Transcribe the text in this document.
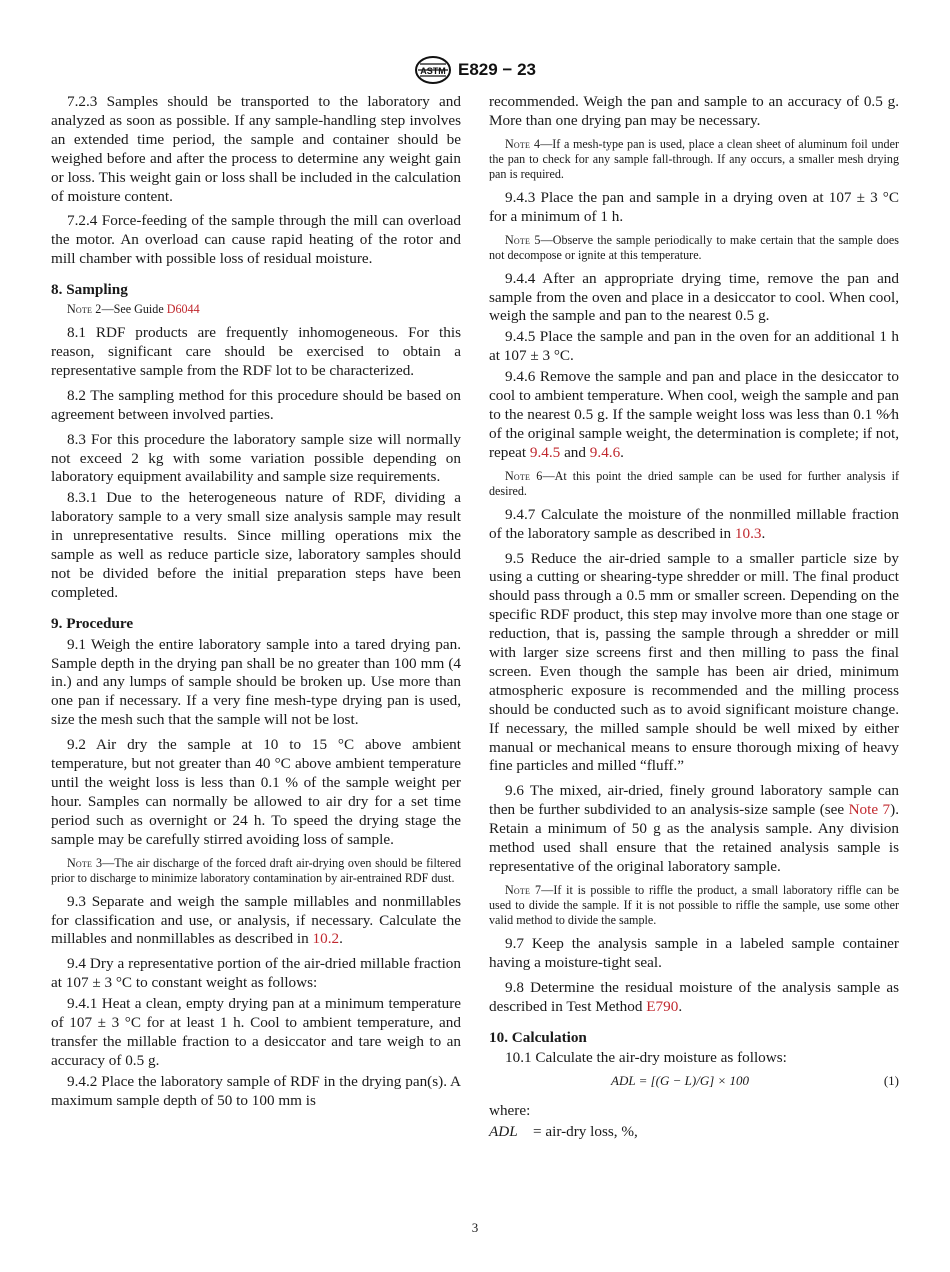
ASTM E829 − 23

7.2.3 Samples should be transported to the laboratory and analyzed as soon as possible. If any sample-handling step involves an extended time period, the sample and container should be weighed before and after the process to determine any weight gain or loss. This weight gain or loss shall be included in the calculation of moisture content.

7.2.4 Force-feeding of the sample through the mill can overload the motor. An overload can cause rapid heating of the rotor and mill chamber with possible loss of residual moisture.

8. Sampling

Note 2—See Guide D6044

8.1 RDF products are frequently inhomogeneous. For this reason, significant care should be exercised to obtain a representative sample from the RDF lot to be characterized.

8.2 The sampling method for this procedure should be based on agreement between involved parties.

8.3 For this procedure the laboratory sample size will normally not exceed 2 kg with some variation possible depending on laboratory equipment availability and sample size requirements.

8.3.1 Due to the heterogeneous nature of RDF, dividing a laboratory sample to a very small size analysis sample may result in unrepresentative results. Since milling operations mix the sample as well as reduce particle size, laboratory samples should not be divided before the initial preparation steps have been completed.

9. Procedure

9.1 Weigh the entire laboratory sample into a tared drying pan. Sample depth in the drying pan shall be no greater than 100 mm (4 in.) and any lumps of sample should be broken up. Use more than one pan if necessary. If a very fine mesh-type drying pan is used, size the mesh such that the sample will not be lost.

9.2 Air dry the sample at 10 to 15 °C above ambient temperature, but not greater than 40 °C above ambient temperature until the weight loss is less than 0.1 % of the sample weight per hour. Samples can normally be allowed to air dry for a set time period such as overnight or 24 h. To speed the drying stage the sample may be carefully stirred avoiding loss of sample.

Note 3—The air discharge of the forced draft air-drying oven should be filtered prior to discharge to minimize laboratory contamination by air-entrained RDF dust.

9.3 Separate and weigh the sample millables and nonmillables for classification and use, or analysis, if necessary. Calculate the millables and nonmillables as described in 10.2.

9.4 Dry a representative portion of the air-dried millable fraction at 107 ± 3 °C to constant weight as follows:

9.4.1 Heat a clean, empty drying pan at a minimum temperature of 107 ± 3 °C for at least 1 h. Cool to ambient temperature, and transfer the millable fraction to a desiccator and tare weigh to an accuracy of 0.5 g.

9.4.2 Place the laboratory sample of RDF in the drying pan(s). A maximum sample depth of 50 to 100 mm is

recommended. Weigh the pan and sample to an accuracy of 0.5 g. More than one drying pan may be necessary.

Note 4—If a mesh-type pan is used, place a clean sheet of aluminum foil under the pan to check for any sample fall-through. If any occurs, a smaller mesh drying pan is required.

9.4.3 Place the pan and sample in a drying oven at 107 ± 3 °C for a minimum of 1 h.

Note 5—Observe the sample periodically to make certain that the sample does not decompose or ignite at this temperature.

9.4.4 After an appropriate drying time, remove the pan and sample from the oven and place in a desiccator to cool. When cool, weigh the sample and pan to the nearest 0.5 g.

9.4.5 Place the sample and pan in the oven for an additional 1 h at 107 ± 3 °C.

9.4.6 Remove the sample and pan and place in the desiccator to cool to ambient temperature. When cool, weigh the sample and pan to the nearest 0.5 g. If the sample weight loss was less than 0.1 %⁄h of the original sample weight, the determination is complete; if not, repeat 9.4.5 and 9.4.6.

Note 6—At this point the dried sample can be used for further analysis if desired.

9.4.7 Calculate the moisture of the nonmilled millable fraction of the laboratory sample as described in 10.3.

9.5 Reduce the air-dried sample to a smaller particle size by using a cutting or shearing-type shredder or mill. The final product should pass through a 0.5 mm or smaller screen. Depending on the specific RDF product, this step may involve more than one stage or reduction, that is, passing the sample through a shredder or mill with larger size screens first and then milling to pass the final screen. Even though the sample has been air dried, minimum atmospheric exposure is recommended and the milling process should be conducted such as to avoid significant moisture change. If necessary, the milled sample should be well mixed by either manual or mechanical means to ensure thorough mixing of heavy fine particles and milled “fluff.”

9.6 The mixed, air-dried, finely ground laboratory sample can then be further subdivided to an analysis-size sample (see Note 7). Retain a minimum of 50 g as the analysis sample. Any division method used shall ensure that the retained analysis sample is representative of the original laboratory sample.

Note 7—If it is possible to riffle the product, a small laboratory riffle can be used to divide the sample. If it is not possible to riffle the sample, use some other valid method to divide the sample.

9.7 Keep the analysis sample in a labeled sample container having a moisture-tight seal.

9.8 Determine the residual moisture of the analysis sample as described in Test Method E790.

10. Calculation

10.1 Calculate the air-dry moisture as follows:

ADL = [(G − L)/G] × 100	(1)

where:

ADL	= air-dry loss, %,
3
